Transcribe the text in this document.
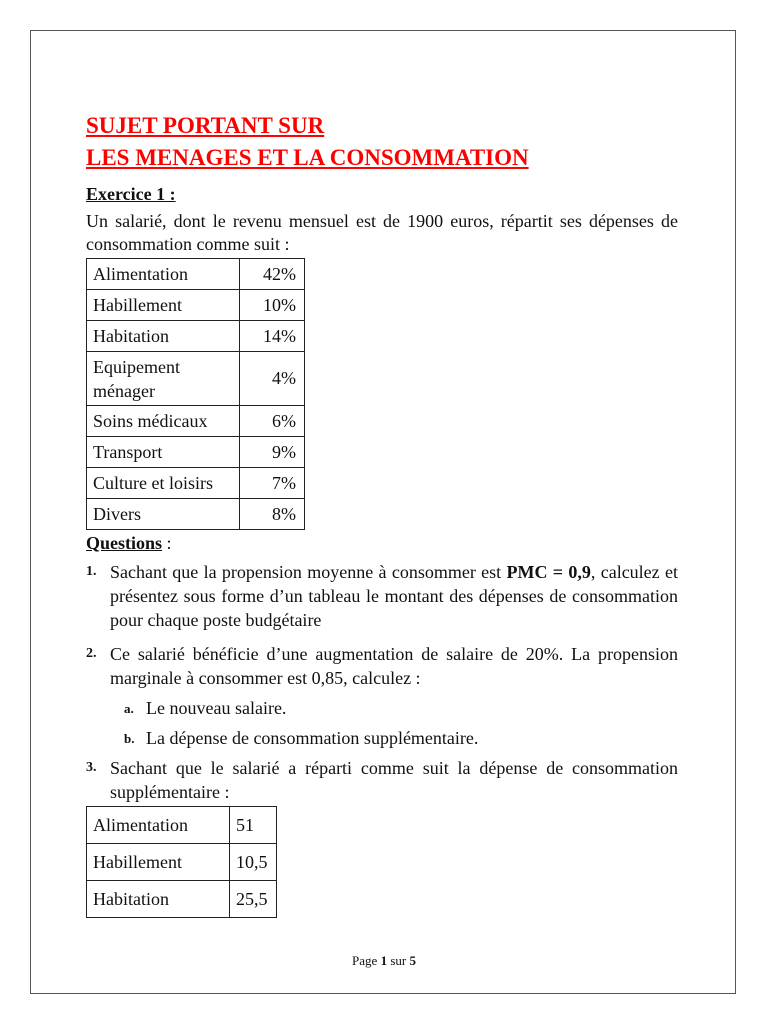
SUJET PORTANT SUR

LES MENAGES ET LA CONSOMMATION

Exercice 1 :
Un salarié, dont le revenu mensuel est de 1900 euros, répartit ses dépenses de consommation comme suit :
Alimentation	42%
Habillement	10%
Habitation	14%
Equipement ménager	4%
Soins médicaux	6%
Transport	9%
Culture et loisirs	7%
Divers	8%
Questions :
1. Sachant que la propension moyenne à consommer est PMC = 0,9, calculez et présentez sous forme d’un tableau le montant des dépenses de consommation pour chaque poste budgétaire
2. Ce salarié bénéficie d’une augmentation de salaire de 20%. La propension marginale à consommer est 0,85, calculez :
a. Le nouveau salaire.
b. La dépense de consommation supplémentaire.
3. Sachant que le salarié a réparti comme suit la dépense de consommation supplémentaire :
Alimentation	51
Habillement	10,5
Habitation	25,5
Page 1 sur 5
